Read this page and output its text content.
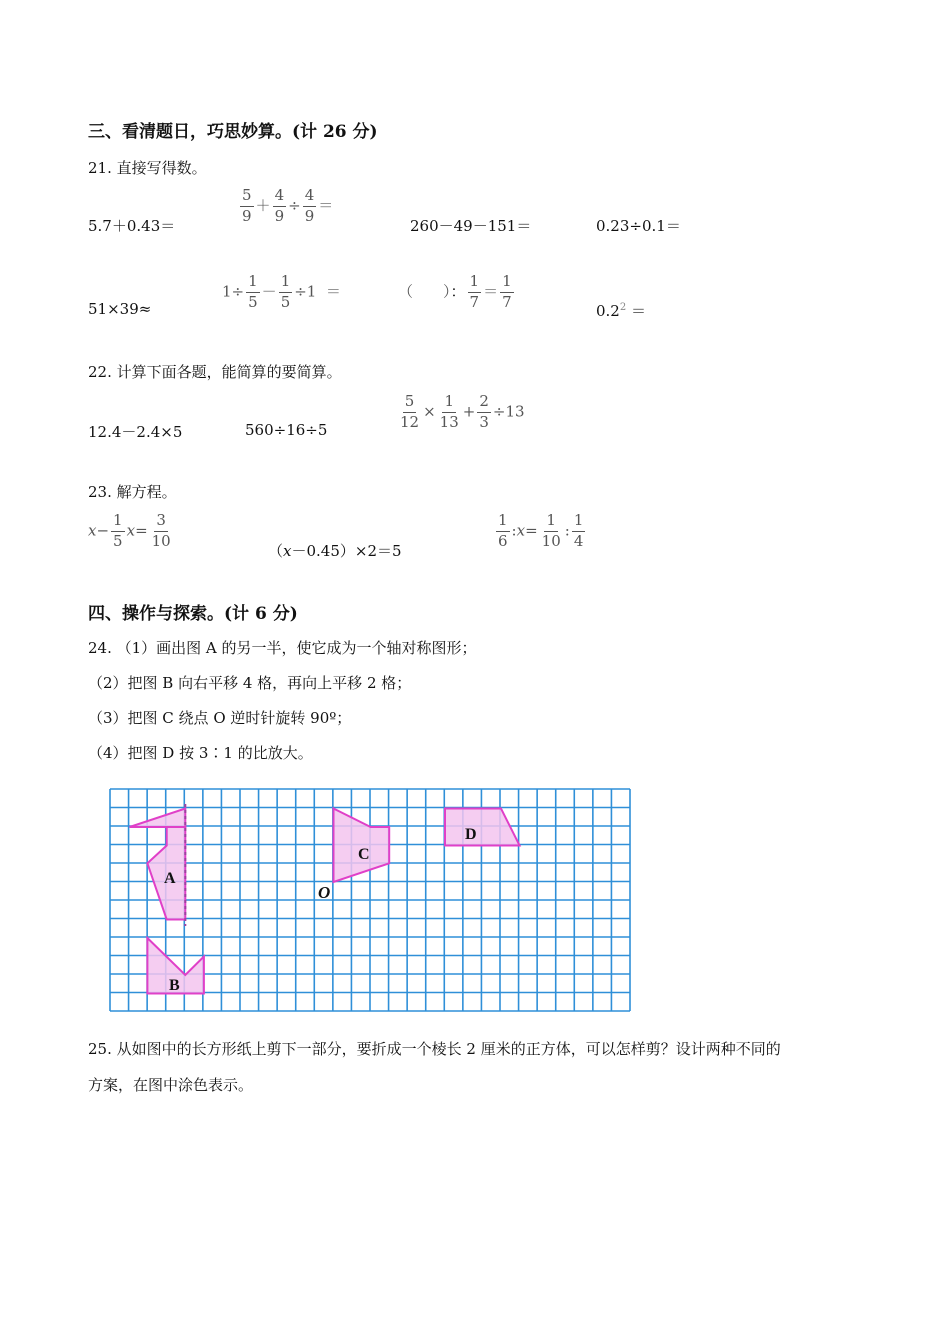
三、看清题日，巧思妙算。(计 26 分)
21. 直接写得数。
5.7＋0.43＝
$\frac{5}{9} + \frac{4}{9} \div \frac{4}{9}$ ＝
260－49－151＝	0.23÷0.1＝
51×39≈
$1\div \frac{1}{5} - \frac{1}{5} \div 1$ ＝	（　　）： $\frac{1}{7} = \frac{1}{7}$
$0.2^2$ ＝
22. 计算下面各题，能简算的要简算。
12.4－2.4×5	560÷16÷5	$\frac{5}{12} \times \frac{1}{13} + \frac{2}{3} \div 13$
23. 解方程。
$x- \frac{1}{5} x= \frac{3}{10}$
（x－0.45）×2＝5
$\frac{1}{6}$ :x= $\frac{1}{10}$ : $\frac{1}{4}$
四、操作与探索。(计 6 分)
24. （1）画出图 A 的另一半，使它成为一个轴对称图形；
（2）把图 B 向右平移 4 格，再向上平移 2 格；
（3）把图 C 绕点 O 逆时针旋转 90º；
（4）把图 D 按 3∶1 的比放大。
A
B
C
D
O
25. 从如图中的长方形纸上剪下一部分，要折成一个棱长 2 厘米的正方体，可以怎样剪？设计两种不同的
方案，在图中涂色表示。
